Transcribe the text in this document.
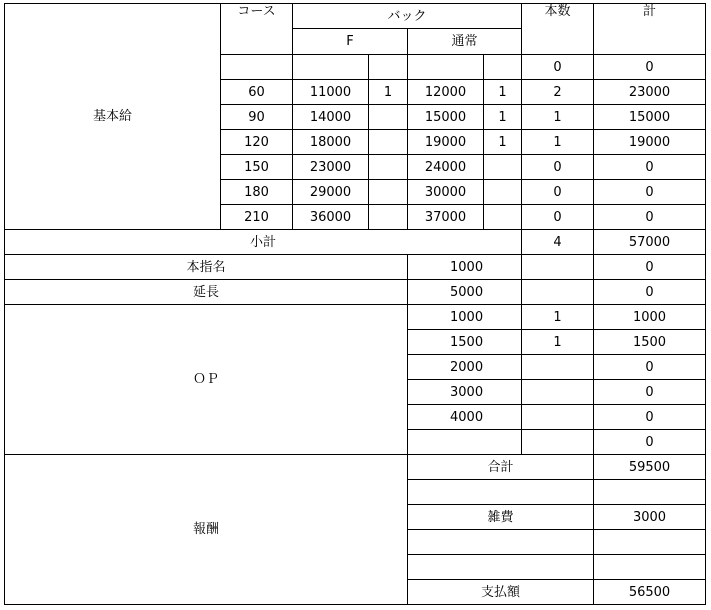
基本給	コース	バック				本数	計
		F		通常			
						0	0
	60	11000	1	12000	1	2	23000
	90	14000		15000	1	1	15000
	120	18000		19000	1	1	19000
	150	23000		24000		0	0
	180	29000		30000		0	0
	210	36000		37000		0	0
小計						4	57000
本指名				1000			0
延長				5000			0
ＯＰ				1000		1	1000
				1500		1	1500
				2000			0
				3000			0
				4000			0
							0
報酬				合計			59500

				雑費			3000

				支払額			56500
